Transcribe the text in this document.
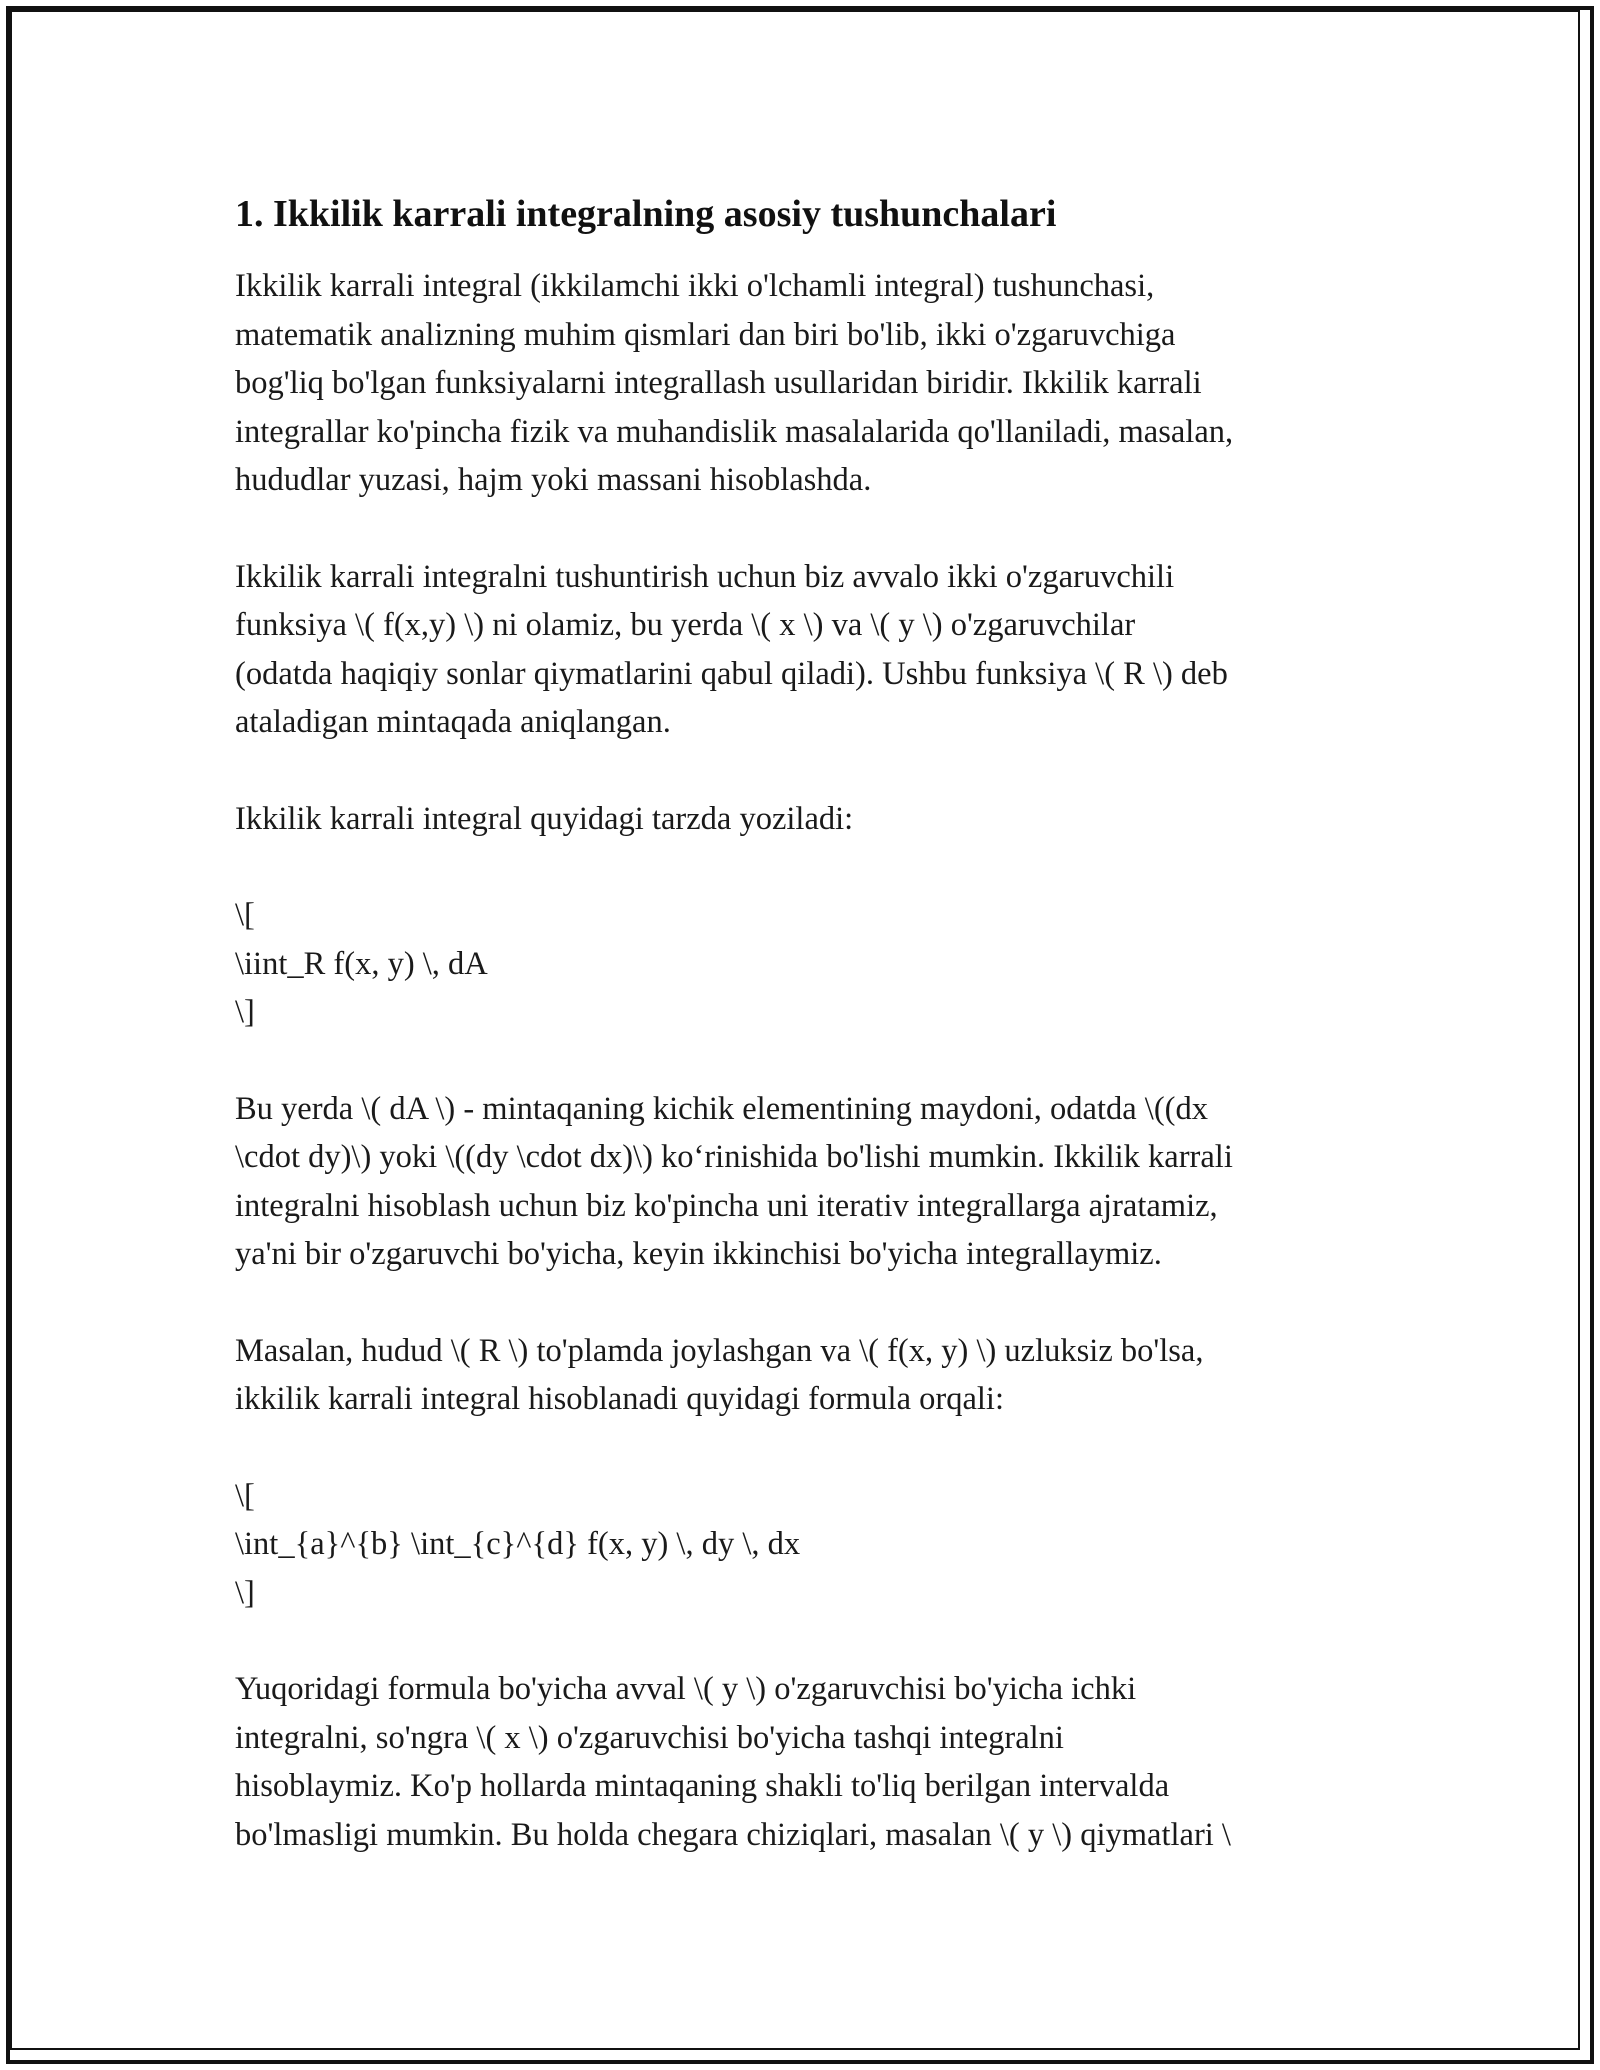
1. Ikkilik karrali integralning asosiy tushunchalari

Ikkilik karrali integral (ikkilamchi ikki o'lchamli integral) tushunchasi,

matematik analizning muhim qismlari dan biri bo'lib, ikki o'zgaruvchiga

bog'liq bo'lgan funksiyalarni integrallash usullaridan biridir. Ikkilik karrali

integrallar ko'pincha fizik va muhandislik masalalarida qo'llaniladi, masalan,

hududlar yuzasi, hajm yoki massani hisoblashda.

Ikkilik karrali integralni tushuntirish uchun biz avvalo ikki o'zgaruvchili

funksiya \( f(x,y) \) ni olamiz, bu yerda \( x \) va \( y \) o'zgaruvchilar

(odatda haqiqiy sonlar qiymatlarini qabul qiladi). Ushbu funksiya \( R \) deb

ataladigan mintaqada aniqlangan.

Ikkilik karrali integral quyidagi tarzda yoziladi:

\[

\iint_R f(x, y) \, dA

\]

Bu yerda \( dA \) - mintaqaning kichik elementining maydoni, odatda \((dx

\cdot dy)\) yoki \((dy \cdot dx)\) ko‘rinishida bo'lishi mumkin. Ikkilik karrali

integralni hisoblash uchun biz ko'pincha uni iterativ integrallarga ajratamiz,

ya'ni bir o'zgaruvchi bo'yicha, keyin ikkinchisi bo'yicha integrallaymiz.

Masalan, hudud \( R \) to'plamda joylashgan va \( f(x, y) \) uzluksiz bo'lsa,

ikkilik karrali integral hisoblanadi quyidagi formula orqali:

\[

\int_{a}^{b} \int_{c}^{d} f(x, y) \, dy \, dx

\]

Yuqoridagi formula bo'yicha avval \( y \) o'zgaruvchisi bo'yicha ichki

integralni, so'ngra \( x \) o'zgaruvchisi bo'yicha tashqi integralni

hisoblaymiz. Ko'p hollarda mintaqaning shakli to'liq berilgan intervalda

bo'lmasligi mumkin. Bu holda chegara chiziqlari, masalan \( y \) qiymatlari \
